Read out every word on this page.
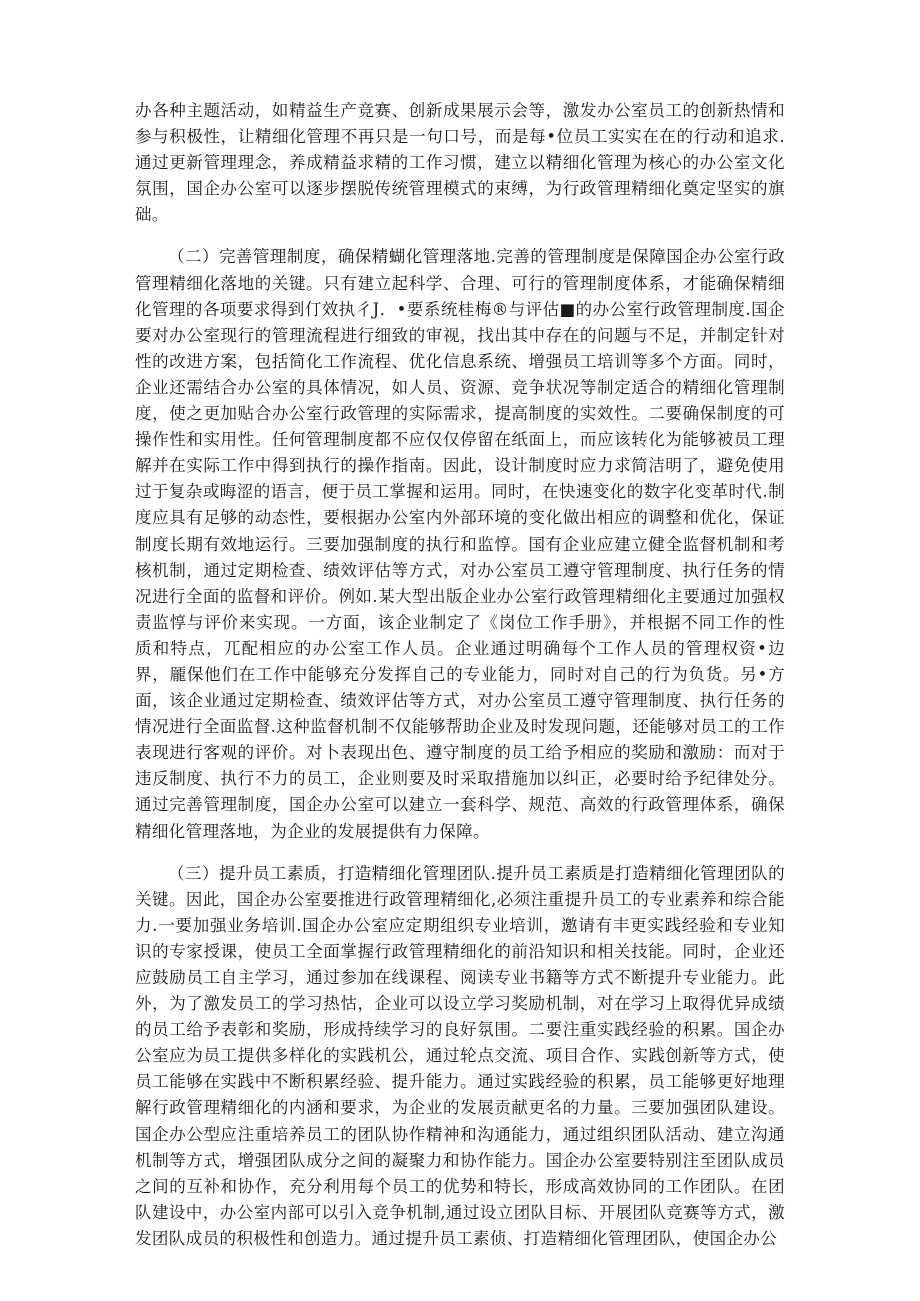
办各种主题活动，如精益生产竞赛、创新成果展示会等，激发办公室员工的创新热情和参与积极性，让精细化管理不再只是一句口号，而是每•位员工实实在在的行动和追求.通过更新管理理念，养成精益求精的工作习惯，建立以精细化管理为核心的办公室文化氛围，国企办公室可以逐步摆脱传统管理模式的束缚，为行政管理精细化奠定坚实的旗础。

（二）完善管理制度，确保精蝴化管理落地.完善的管理制度是保障国企办公室行政管理精细化落地的关键。只有建立起科学、合理、可行的管理制度体系，才能确保精细化管理的各项要求得到仃效执彳J．•要系统桂梅®与评估■的办公室行政管理制度.国企要对办公室现行的管理流程进行细致的审视，找出其中存在的问题与不足，并制定针对性的改进方案，包括简化工作流程、优化信息系统、增强员工培训等多个方面。同时，企业还需结合办公室的具体情况，如人员、资源、竞争状况等制定适合的精细化管理制度，使之更加贴合办公室行政管理的实际需求，提高制度的实效性。二要确保制度的可操作性和实用性。任何管理制度都不应仅仅停留在纸面上，而应该转化为能够被员工理解并在实际工作中得到执行的操作指南。因此，设计制度时应力求简洁明了，避免使用过于复杂或晦涩的语言，便于员工掌握和运用。同时，在快速变化的数字化变革时代.制度应具有足够的动态性，要根据办公室内外部环境的变化做出相应的调整和优化，保证制度长期有效地运行。三要加强制度的执行和监惇。国有企业应建立健全监督机制和考核机制，通过定期检查、绩效评估等方式，对办公室员工遵守管理制度、执行任务的情况进行全面的监督和评价。例如.某大型出版企业办公室行政管理精细化主要通过加强权责监惇与评价来实现。一方面，该企业制定了《岗位工作手册》，并根据不同工作的性质和特点，兀配相应的办公室工作人员。企业通过明确每个工作人员的管理权资•边界，龎保他们在工作中能够充分发挥自己的专业能力，同时对自己的行为负货。另•方面，该企业通过定期检查、绩效评估等方式，对办公室员工遵守管理制度、执行任务的情况进行全面监督.这种监督机制不仅能够帮助企业及时发现问题，还能够对员工的工作表现进行客观的评价。对卜表现出色、遵守制度的员工给予相应的奖励和激励：而对于违反制度、执行不力的员工，企业则要及时采取措施加以纠正，必要时给予纪律处分。通过完善管理制度，国企办公室可以建立一套科学、规范、高效的行政管理体系，确保精细化管理落地，为企业的发展提供有力保障。

（三）提升员工素质，打造精细化管理团队.提升员工素质是打造精细化管理团队的关键。因此，国企办公室要推进行政管理精细化,必须注重提升员工的专业素养和综合能力.一要加强业务培训.国企办公室应定期组织专业培训，邀请有丰更实践经验和专业知识的专家授课，使员工全面掌握行政管理精细化的前沿知识和相关技能。同时，企业还应鼓励员工自主学习，通过参加在线课程、阅读专业书籍等方式不断提升专业能力。此外，为了激发员工的学习热怙，企业可以设立学习奖励机制，对在学习上取得优异成绩的员工给予表彰和奖励，形成持续学习的良好氛围。二要注重实践经验的积累。国企办公室应为员工提供多样化的实践机公，通过轮点交流、项目合作、实践创新等方式，使员工能够在实践中不断积累经验、提升能力。通过实践经验的积累，员工能够更好地理解行政管理精细化的内涵和要求，为企业的发展贡献更名的力量。三要加强团队建设。国企办公型应注重培养员工的团队协作精神和沟通能力，通过组织团队活动、建立沟通机制等方式，增强团队成分之间的凝聚力和协作能力。国企办公室要特别注至团队成员之间的互补和协作，充分利用每个员工的优势和特长，形成高效协同的工作团队。在团队建设中，办公室内部可以引入竞争机制,通过设立团队目标、开展团队竞赛等方式，激发团队成员的积极性和创造力。通过提升员工素侦、打造精细化管理团队，使国企办公
